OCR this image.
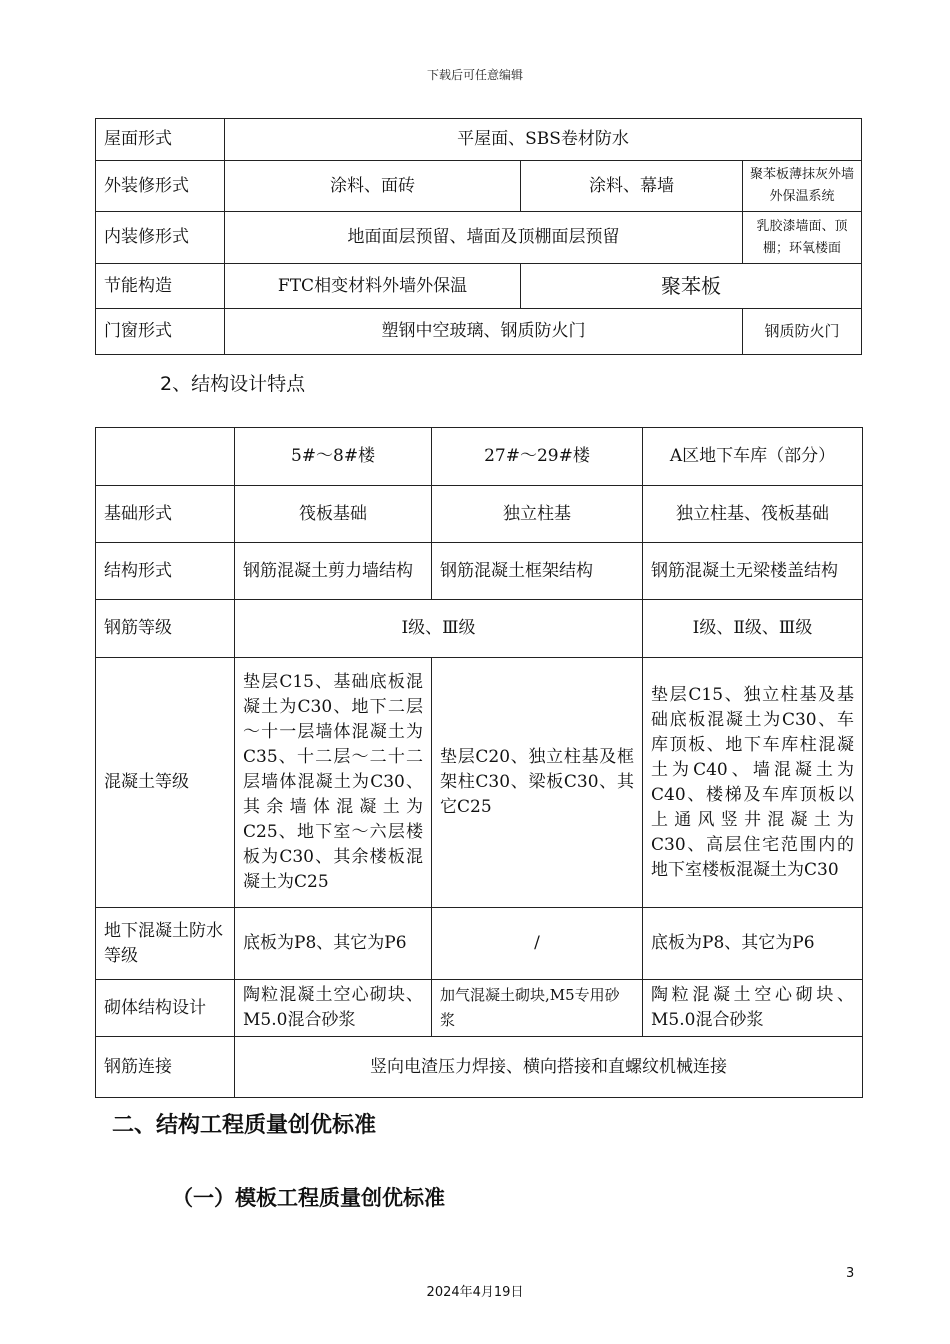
下载后可任意编辑
屋面形式	平屋面、SBS卷材防水		
外装修形式	涂料、面砖	涂料、幕墙	聚苯板薄抹灰外墙外保温系统
内装修形式	地面面层预留、墙面及顶棚面层预留		乳胶漆墙面、顶棚；环氧楼面
节能构造	FTC相变材料外墙外保温	聚苯板	
门窗形式	塑钢中空玻璃、钢质防火门		钢质防火门
2、结构设计特点
	5#～8#楼	27#～29#楼	A区地下车库（部分）
基础形式	筏板基础	独立柱基	独立柱基、筏板基础
结构形式	钢筋混凝土剪力墙结构	钢筋混凝土框架结构	钢筋混凝土无梁楼盖结构
钢筋等级	Ⅰ级、Ⅲ级		Ⅰ级、Ⅱ级、Ⅲ级
混凝土等级	垫层C15、基础底板混凝土为C30、地下二层～十一层墙体混凝土为C35、十二层～二十二层墙体混凝土为C30、其余墙体混凝土为C25、地下室～六层楼板为C30、其余楼板混凝土为C25	垫层C20、独立柱基及框架柱C30、梁板C30、其它C25	垫层C15、独立柱基及基础底板混凝土为C30、车库顶板、地下车库柱混凝土为C40、墙混凝土为C40、楼梯及车库顶板以上通风竖井混凝土为C30、高层住宅范围内的地下室楼板混凝土为C30
地下混凝土防水等级	底板为P8、其它为P6	/	底板为P8、其它为P6
砌体结构设计	陶粒混凝土空心砌块、M5.0混合砂浆	加气混凝土砌块,M5专用砂浆	陶粒混凝土空心砌块、M5.0混合砂浆
钢筋连接	竖向电渣压力焊接、横向搭接和直螺纹机械连接		
二、结构工程质量创优标准
（一）模板工程质量创优标准
3
2024年4月19日
